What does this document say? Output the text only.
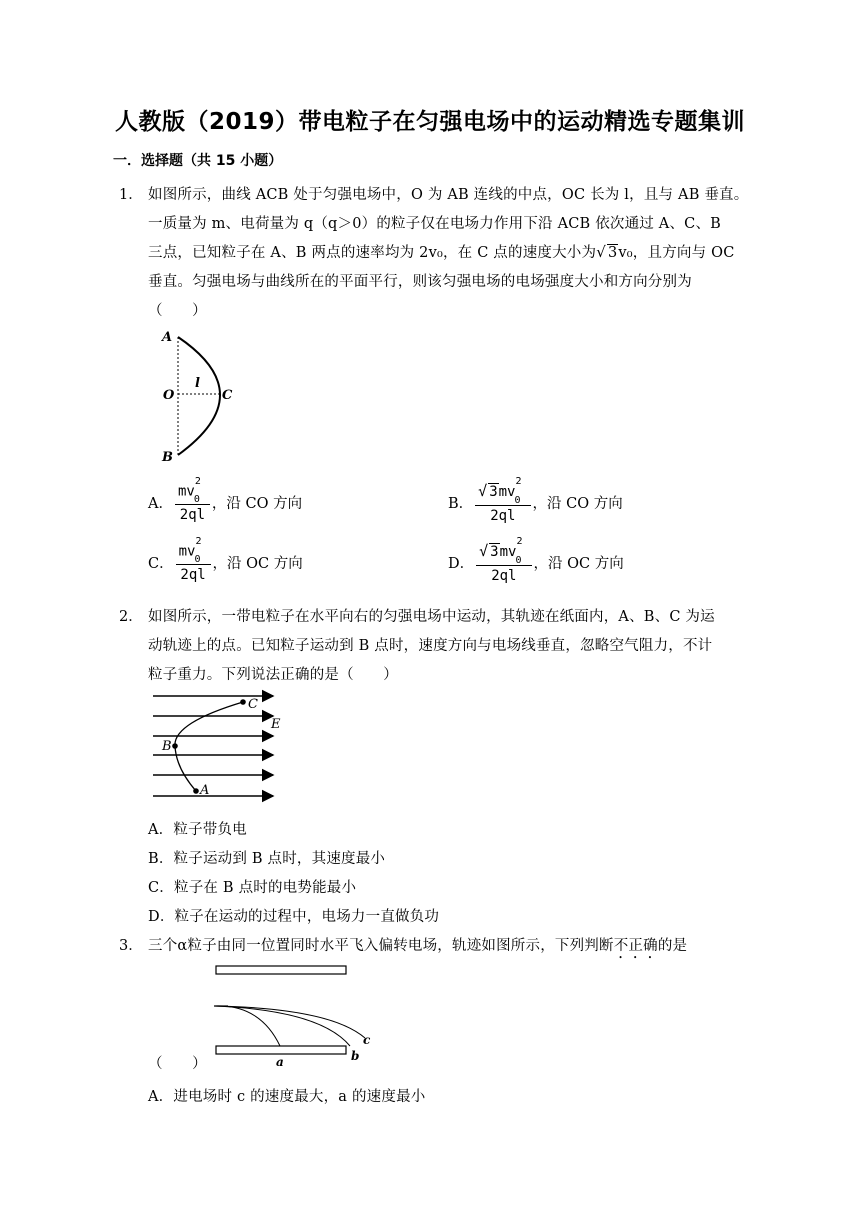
人教版（2019）带电粒子在匀强电场中的运动精选专题集训
一．选择题（共 15 小题）
1． 如图所示，曲线 ACB 处于匀强电场中，O 为 AB 连线的中点，OC 长为 l，且与 AB 垂直。
一质量为 m、电荷量为 q（q＞0）的粒子仅在电场力作用下沿 ACB 依次通过 A、C、B
三点，已知粒子在 A、B 两点的速率均为 2v₀，在 C 点的速度大小为√ 3v₀，且方向与 OC
垂直。匀强电场与曲线所在的平面平行，则该匀强电场的电场强度大小和方向分别为
（　　）
A
O
B
C
l
A． $\frac{mv^2_0}{2ql}$ ，沿 CO 方向	B． $\frac{√ 3mv^2_0}{2ql}$ ，沿 CO 方向
C． $\frac{mv^2_0}{2ql}$ ，沿 OC 方向	D． $\frac{√ 3mv^2_0}{2ql}$ ，沿 OC 方向
2． 如图所示，一带电粒子在水平向右的匀强电场中运动，其轨迹在纸面内，A、B、C 为运
动轨迹上的点。已知粒子运动到 B 点时，速度方向与电场线垂直，忽略空气阻力，不计
粒子重力。下列说法正确的是（　　）
C
E
B
A
A．粒子带负电
B．粒子运动到 B 点时，其速度最小
C．粒子在 B 点时的电势能最小
D．粒子在运动的过程中，电场力一直做负功
3． 三个α粒子由同一位置同时水平飞入偏转电场，轨迹如图所示，下列判断不正确的是
a	b
c
（　　）
A．进电场时 c 的速度最大，a 的速度最小
